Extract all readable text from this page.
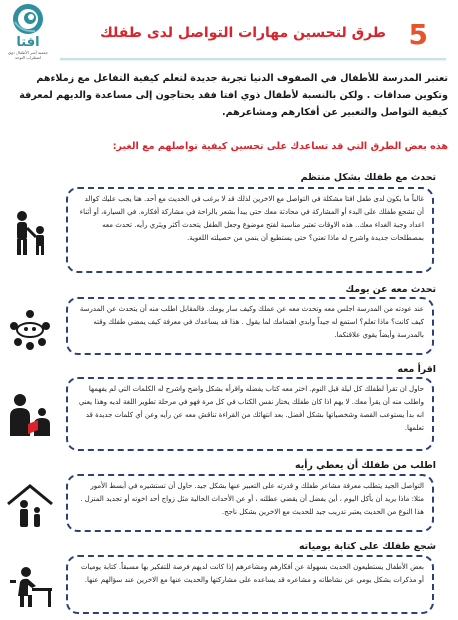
افتا
جمعية أسر الأطفال ذوي اضطراب التوحد
5
طرق لتحسين مهارات التواصل لدى طفلك
تعتبر المدرسة للأطفال في الصفوف الدنيا تجربة جديدة لتعلم كيفية التفاعل مع زملاءهم وتكوين صداقات . ولكن بالنسبة لأطفال ذوي افتا فقد يحتاجون إلى مساعدة والديهم لمعرفة كيفية التواصل والتعبير عن أفكارهم ومشاعرهم.
هذه بعض الطرق التي قد تساعدك على تحسين كيفية تواصلهم مع الغير:
تحدث مع طفلك بشكل منتظم
غالباً ما يكون لدى طفل افتا مشكلة في التواصل مع الاخرين لذلك قد لا يرغب في الحديث مع أحد. هنا يجب عليك كوالد أن تشجع طفلك على البدء أو المشاركة في محادثة معك حتى يبدأ بشعر بالراحة في مشاركة أفكاره. في السيارة، أو أثناء اعداد وجبة الغداء معك.. هذه الاوقات تعتبر مناسبة لفتح موضوع وجعل الطفل يتحدث أكثر ويثري رأيه. تحدث معه بمصطلحات جديدة واشرح له ماذا تعني؟ حتى يستطيع أن ينمي من حصيلته اللغوية.
تحدث معه عن يومك
عند عودته من المدرسة اجلس معه وتحدث معه عن عملك وكيف سار يومك. فالمقابل اطلب منه أن يتحدث عن المدرسة كيف كانت؟ ماذا تعلم؟ استمع له جيداً وابدي اهتمامك لما يقول . هذا قد يساعدك في معرفة كيف يمضي طفلك وقته بالمدرسة وأيضاً يقوي علاقتكما.
اقرأ معه
حاول ان تقرأ لطفلك كل ليلة قبل النوم. اختر معه كتاب يفضله واقرأه بشكل واضح واشرح له الكلمات التي لم يفهمها واطلب منه أن يقرأ معك. لا يهم اذا كان طفلك يختار نفس الكتاب في كل مرة فهو في مرحلة تطوير اللغة لديه وهذا يعني انه بدأ يستوعب القصة وشخصياتها بشكل أفضل. بعد انتهائك من القراءة تناقش معه عن رأيه وعن أي كلمات جديدة قد تعلمها.
اطلب من طفلك أن يعطي رأيه
التواصل الجيد يتطلب معرفة مشاعر طفلك و قدرته على التعبير عنها بشكل جيد. حاول أن تستشيره في أبسط الأمور مثلا: ماذا يريد أن يأكل اليوم ، أين يفضل أن يقضي عطلته ، أو عن الأحداث الحالية مثل زواج أحد اخوته أو تجديد المنزل . هذا النوع من الحديث يعتبر تدريب جيد للحديث مع الاخرين بشكل ناجح.
شجع طفلك على كتابة يومياته
بعض الأطفال يستطيعون الحديث بسهولة عن أفكارهم ومشاعرهم إذا كانت لديهم فرصة للتفكير بها مسبقاً. كتابة يوميات أو مذكرات بشكل يومي عن نشاطاته و مشاعره قد يساعده على مشاركتها والحديث عنها مع الاخرين عند سؤالهم عنها.
